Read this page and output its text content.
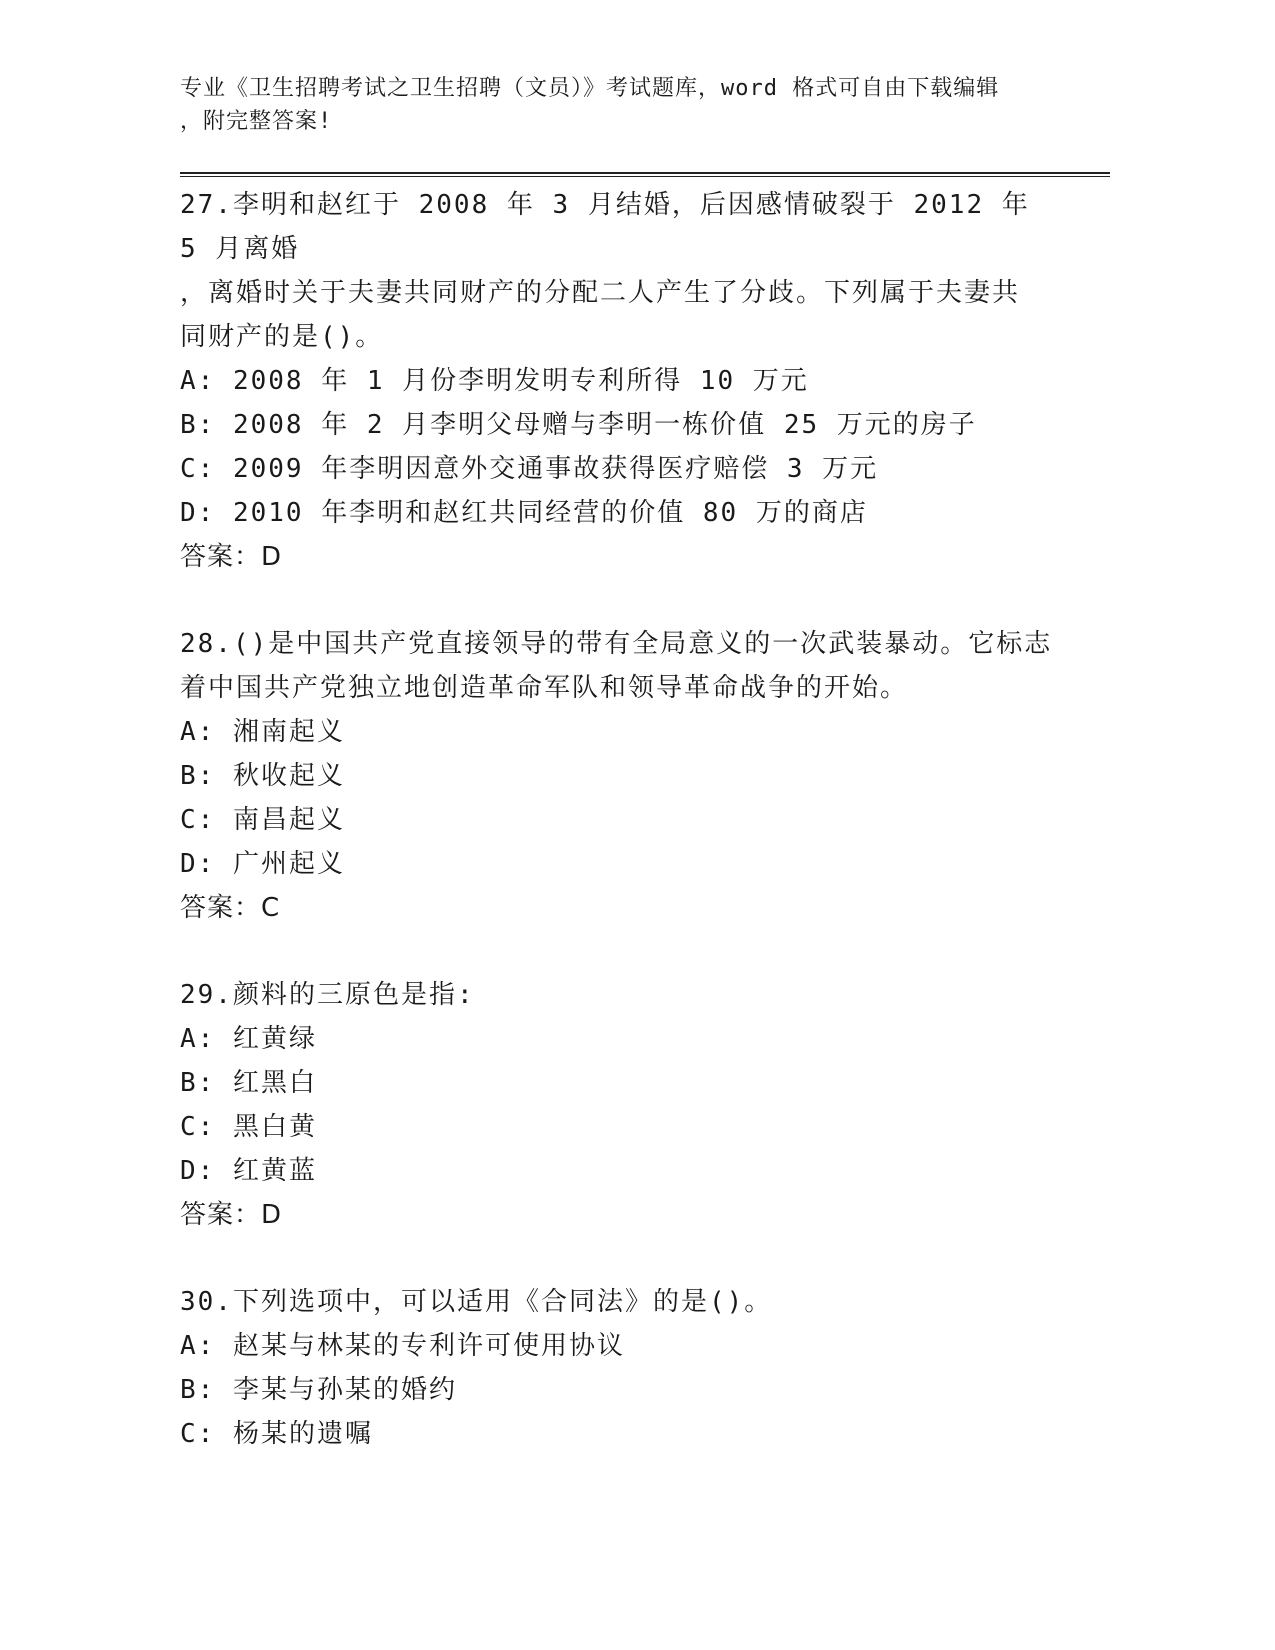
专业《卫生招聘考试之卫生招聘（文员）》考试题库，word 格式可自由下载编辑
，附完整答案!

27.李明和赵红于 2008 年 3 月结婚，后因感情破裂于 2012 年 5 月离婚

，离婚时关于夫妻共同财产的分配二人产生了分歧。下列属于夫妻共

同财产的是()。

A: 2008 年 1 月份李明发明专利所得 10 万元

B: 2008 年 2 月李明父母赠与李明一栋价值 25 万元的房子

C: 2009 年李明因意外交通事故获得医疗赔偿 3 万元

D: 2010 年李明和赵红共同经营的价值 80 万的商店

答案：D

28.()是中国共产党直接领导的带有全局意义的一次武装暴动。它标志

着中国共产党独立地创造革命军队和领导革命战争的开始。

A: 湘南起义

B: 秋收起义

C: 南昌起义

D: 广州起义

答案：C

29.颜料的三原色是指:

A: 红黄绿

B: 红黑白

C: 黑白黄

D: 红黄蓝

答案：D

30.下列选项中，可以适用《合同法》的是()。

A: 赵某与林某的专利许可使用协议

B: 李某与孙某的婚约

C: 杨某的遗嘱
